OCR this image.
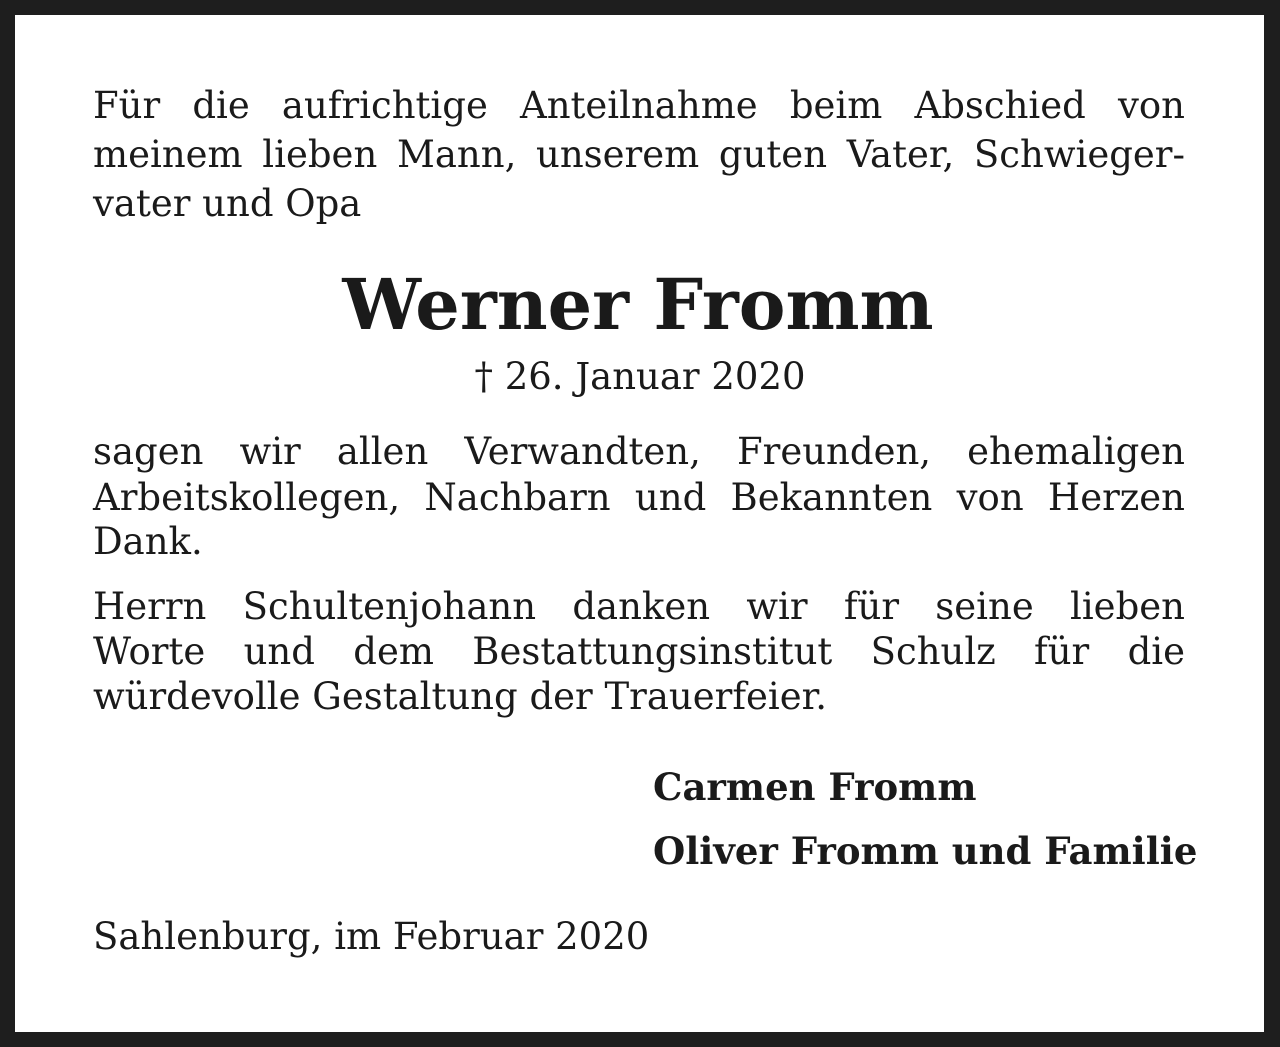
Für die aufrichtige Anteilnahme beim Abschied von
meinem lieben Mann, unserem guten Vater, Schwieger-
vater und Opa
Werner Fromm
† 26. Januar 2020
sagen wir allen Verwandten, Freunden, ehemaligen
Arbeitskollegen, Nachbarn und Bekannten von Herzen
Dank.
Herrn Schultenjohann danken wir für seine lieben
Worte und dem Bestattungsinstitut Schulz für die
würdevolle Gestaltung der Trauerfeier.
Carmen Fromm
Oliver Fromm und Familie
Sahlenburg, im Februar 2020
